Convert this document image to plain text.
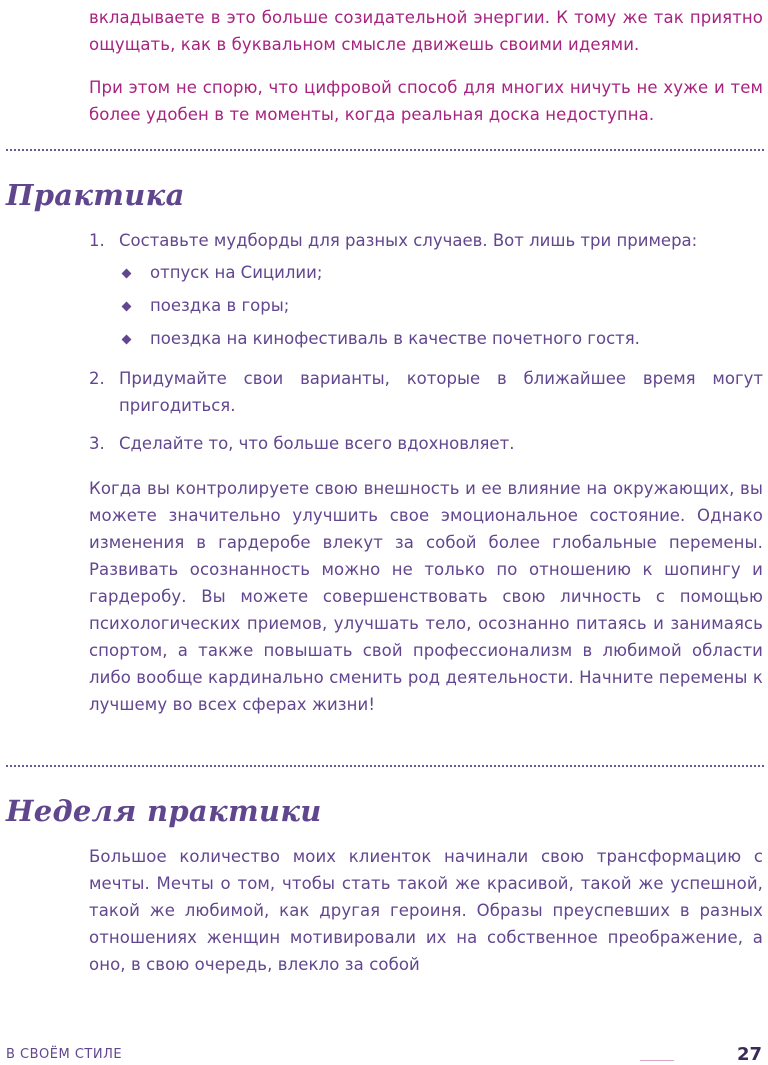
вкладываете в это больше созидательной энергии. К тому же так приятно ощущать, как в буквальном смысле движешь своими идеями.

При этом не спорю, что цифровой способ для многих ничуть не хуже и тем более удобен в те моменты, когда реальная доска недоступна.

Практика
1. Составьте мудборды для разных случаев. Вот лишь три примера:
отпуск на Сицилии;
поездка в горы;
поездка на кинофестиваль в качестве почетного гостя.
2. Придумайте свои варианты, которые в ближайшее время могут пригодиться.
3. Сделайте то, что больше всего вдохновляет.

Когда вы контролируете свою внешность и ее влияние на окружающих, вы можете значительно улучшить свое эмоциональное состояние. Однако изменения в гардеробе влекут за собой более глобальные перемены. Развивать осознанность можно не только по отношению к шопингу и гардеробу. Вы можете совершенствовать свою личность с помощью психологических приемов, улучшать тело, осознанно питаясь и занимаясь спортом, а также повышать свой профессионализм в любимой области либо вообще кардинально сменить род деятельности. Начните перемены к лучшему во всех сферах жизни!

Неделя практики

Большое количество моих клиенток начинали свою трансформацию с мечты. Мечты о том, чтобы стать такой же красивой, такой же успешной, такой же любимой, как другая героиня. Образы преуспевших в разных отношениях женщин мотивировали их на собственное преображение, а оно, в свою очередь, влекло за собой

В СВОЁМ СТИЛЕ	27
